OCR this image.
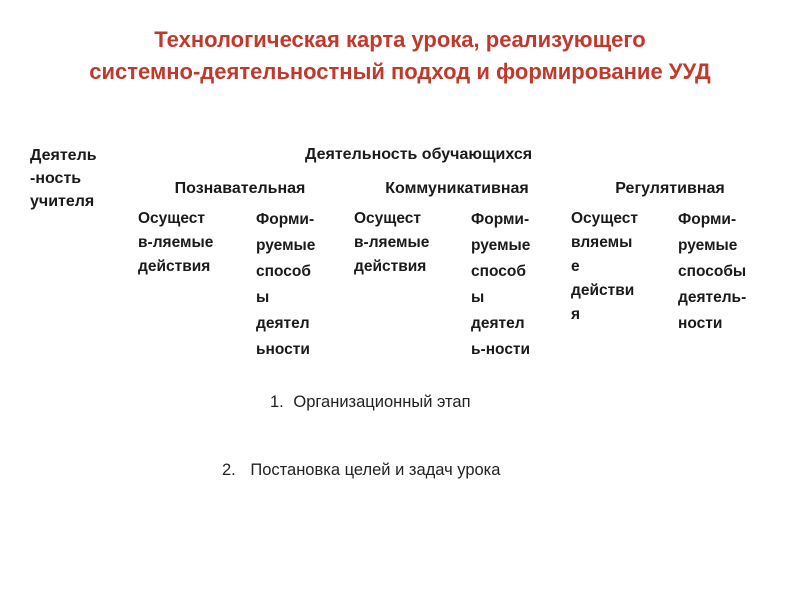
Технологическая карта урока, реализующего
системно-деятельностный подход и формирование УУД
Деятель
-ность
учителя
Деятельность обучающихся
Познавательная	Коммуникативная	Регулятивная
Осущест
в-ляемые
действия
Форми-
руемые
способ
ы
деятел
ьности
Осущест
в-ляемые
действия
Форми-
руемые
способ
ы
деятел
ь-ности
Осущест
вляемы
е
действи
я
Форми-
руемые
способы
деятель-
ности
1. Организационный этап
2. Постановка целей и задач урока
